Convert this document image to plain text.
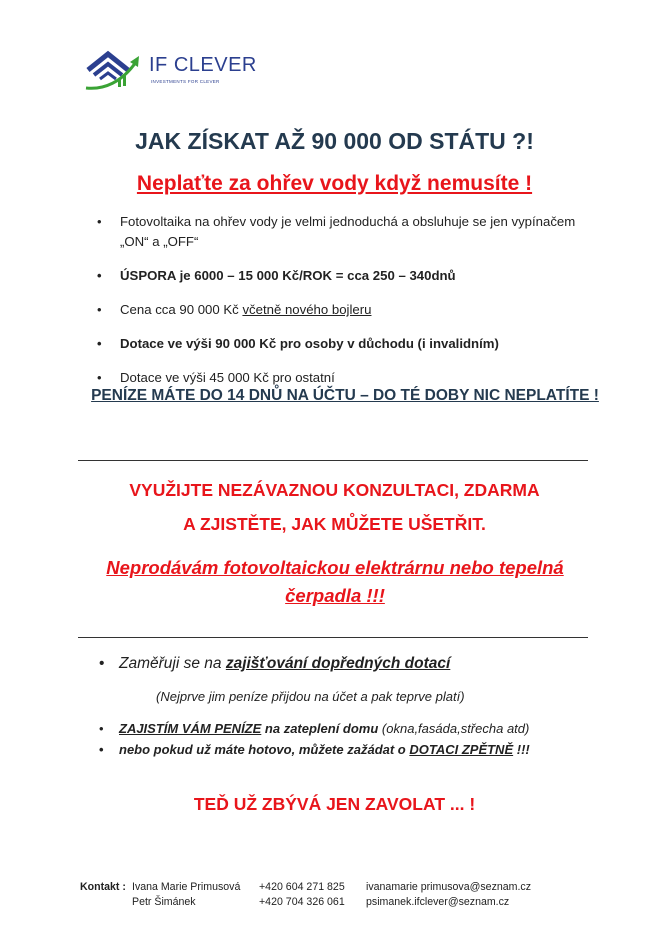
IF CLEVER
INVESTMENTS FOR CLEVER
JAK ZÍSKAT AŽ 90 000 OD STÁTU ?!
Neplaťte za ohřev vody když nemusíte !
• Fotovoltaika na ohřev vody je velmi jednoduchá a obsluhuje se jen vypínačem „ON“ a „OFF“
• ÚSPORA je 6000 – 15 000 Kč/ROK = cca 250 – 340dnů
• Cena cca 90 000 Kč včetně nového bojleru
• Dotace ve výši 90 000 Kč pro osoby v důchodu (i invalidním)
• Dotace ve výši 45 000 Kč pro ostatní
PENÍZE MÁTE DO 14 DNŮ NA ÚČTU – DO TÉ DOBY NIC NEPLATÍTE !
VYUŽIJTE NEZÁVAZNOU KONZULTACI, ZDARMA
A ZJISTĚTE, JAK MŮŽETE UŠETŘIT.
Neprodávám fotovoltaickou elektrárnu nebo tepelná čerpadla !!!
• Zaměřuji se na zajišťování dopředných dotací
(Nejprve jim peníze přijdou na účet a pak teprve platí)
• ZAJISTÍM VÁM PENÍZE na zateplení domu (okna,fasáda,střecha atd)
• nebo pokud už máte hotovo, můžete zažádat o DOTACI ZPĚTNĚ !!!
TEĎ UŽ ZBÝVÁ JEN ZAVOLAT ... !
Kontakt : Ivana Marie Primusová
Petr Šimánek
+420 604 271 825
+420 704 326 061
ivanamarie primusova@seznam.cz
psimanek.ifclever@seznam.cz
